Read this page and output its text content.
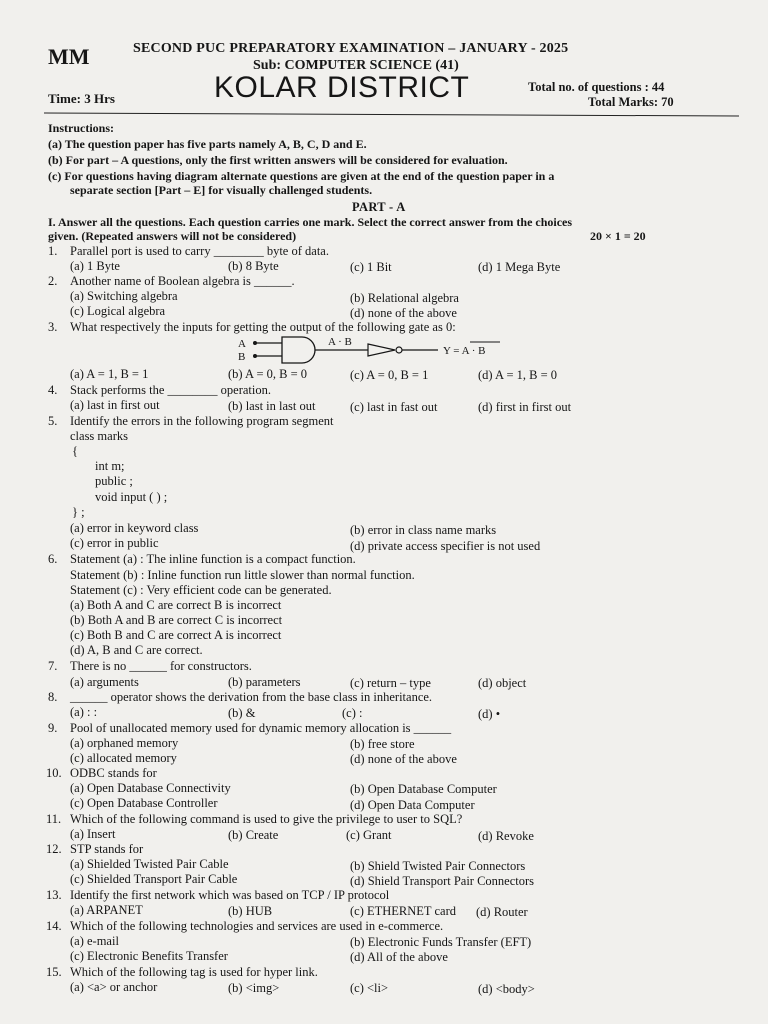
MM	SECOND PUC PREPARATORY EXAMINATION – JANUARY - 2025
Sub: COMPUTER SCIENCE (41)
KOLAR DISTRICT
Time: 3 Hrs
Total no. of questions : 44
Total Marks: 70
Instructions:
(a) The question paper has five parts namely A, B, C, D and E.
(b) For part – A questions, only the first written answers will be considered for evaluation.
(c) For questions having diagram alternate questions are given at the end of the question paper in a
separate section [Part – E] for visually challenged students.
PART - A
I. Answer all the questions. Each question carries one mark. Select the correct answer from the choices
given. (Repeated answers will not be considered)	20 × 1 = 20
1. Parallel port is used to carry ________ byte of data.
(a) 1 Byte	(b) 8 Byte	(c) 1 Bit	(d) 1 Mega Byte
2. Another name of Boolean algebra is ______.
(a) Switching algebra	(b) Relational algebra
(c) Logical algebra	(d) none of the above
3. What respectively the inputs for getting the output of the following gate as 0:
A
B
A · B
Y = A · B
(a) A = 1, B = 1	(b) A = 0, B = 0	(c) A = 0, B = 1	(d) A = 1, B = 0
4. Stack performs the ________ operation.
(a) last in first out	(b) last in last out	(c) last in fast out	(d) first in first out
5. Identify the errors in the following program segment
class marks
{
int m;
public ;
void input ( ) ;
} ;
(a) error in keyword class	(b) error in class name marks
(c) error in public	(d) private access specifier is not used
6. Statement (a) : The inline function is a compact function.
Statement (b) : Inline function run little slower than normal function.
Statement (c) : Very efficient code can be generated.
(a) Both A and C are correct B is incorrect
(b) Both A and B are correct C is incorrect
(c) Both B and C are correct A is incorrect
(d) A, B and C are correct.
7. There is no ______ for constructors.
(a) arguments	(b) parameters	(c) return – type	(d) object
8. ______ operator shows the derivation from the base class in inheritance.
(a) : :	(b) &	(c) :	(d) •
9. Pool of unallocated memory used for dynamic memory allocation is ______
(a) orphaned memory	(b) free store
(c) allocated memory	(d) none of the above
10. ODBC stands for
(a) Open Database Connectivity	(b) Open Database Computer
(c) Open Database Controller	(d) Open Data Computer
11. Which of the following command is used to give the privilege to user to SQL?
(a) Insert	(b) Create	(c) Grant	(d) Revoke
12. STP stands for
(a) Shielded Twisted Pair Cable	(b) Shield Twisted Pair Connectors
(c) Shielded Transport Pair Cable	(d) Shield Transport Pair Connectors
13. Identify the first network which was based on TCP / IP protocol
(a) ARPANET	(b) HUB	(c) ETHERNET card (d) Router
14. Which of the following technologies and services are used in e-commerce.
(a) e-mail	(b) Electronic Funds Transfer (EFT)
(c) Electronic Benefits Transfer	(d) All of the above
15. Which of the following tag is used for hyper link.
(a) <a> or anchor	(b) <img>	(c) <li>	(d) <body>
